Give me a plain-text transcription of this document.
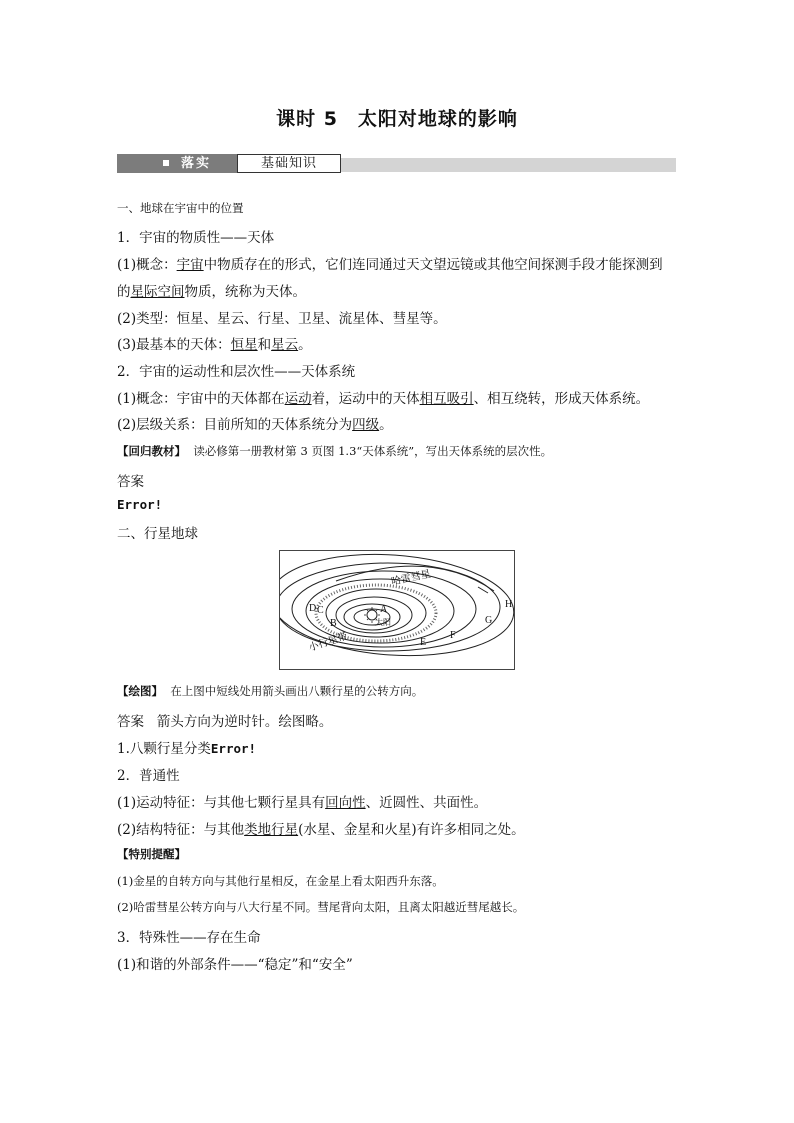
课时 5　太阳对地球的影响
落实	基础知识
一、地球在宇宙中的位置
1．宇宙的物质性——天体
(1)概念：宇宙中物质存在的形式，它们连同通过天文望远镜或其他空间探测手段才能探测到
的星际空间物质，统称为天体。
(2)类型：恒星、星云、行星、卫星、流星体、彗星等。
(3)最基本的天体：恒星和星云。
2．宇宙的运动性和层次性——天体系统
(1)概念：宇宙中的天体都在运动着，运动中的天体相互吸引、相互绕转，形成天体系统。
(2)层级关系：目前所知的天体系统分为四级。
【回归教材】 读必修第一册教材第 3 页图 1.3“天体系统”，写出天体系统的层次性。
答案
Error!
二、行星地球
太阳
A
B
C
D
E
F
G
H
哈雷彗星
小行星带
【绘图】 在上图中短线处用箭头画出八颗行星的公转方向。
答案 箭头方向为逆时针。绘图略。
1.八颗行星分类Error!
2．普通性
(1)运动特征：与其他七颗行星具有回向性、近圆性、共面性。
(2)结构特征：与其他类地行星(水星、金星和火星)有许多相同之处。
【特别提醒】
(1)金星的自转方向与其他行星相反，在金星上看太阳西升东落。
(2)哈雷彗星公转方向与八大行星不同。彗尾背向太阳，且离太阳越近彗尾越长。
3．特殊性——存在生命
(1)和谐的外部条件——“稳定”和“安全”
